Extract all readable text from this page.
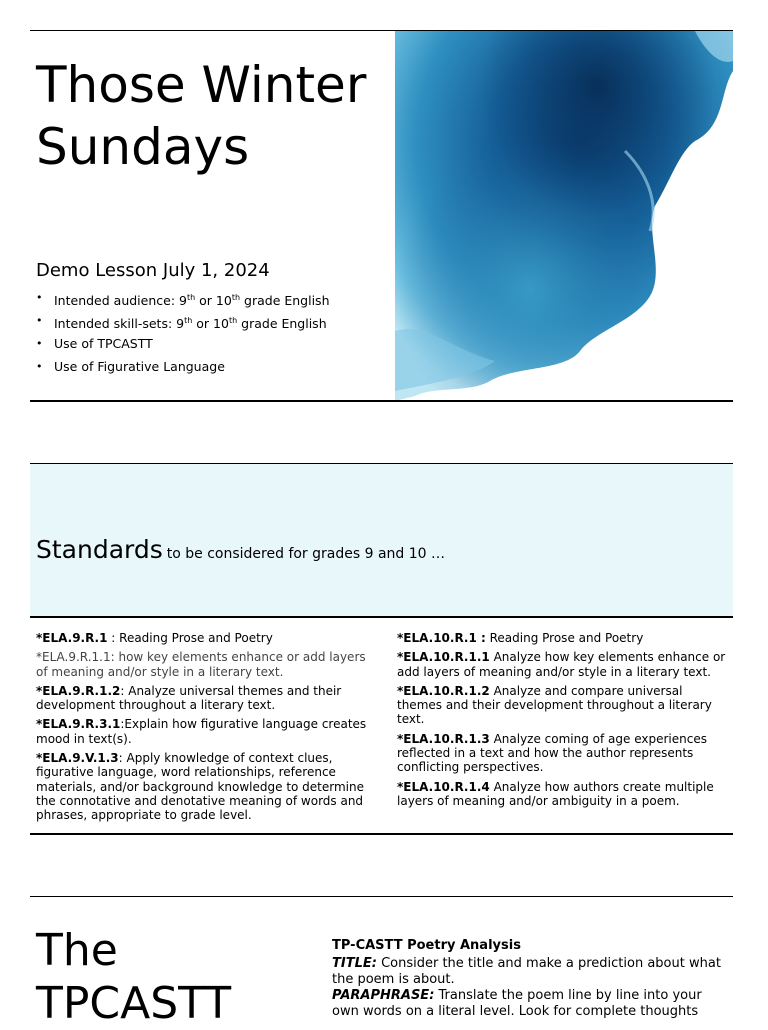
Those Winter Sundays
Demo Lesson July 1, 2024
• Intended audience: 9th or 10th grade English
• Intended skill-sets: 9th or 10th grade English
• Use of TPCASTT
• Use of Figurative Language
Standards to be considered for grades 9 and 10 …

*ELA.9.R.1 : Reading Prose and Poetry

*ELA.9.R.1.1: how key elements enhance or add layers of meaning and/or style in a literary text.

*ELA.9.R.1.2: Analyze universal themes and their development throughout a literary text.

*ELA.9.R.3.1:Explain how figurative language creates mood in text(s).

*ELA.9.V.1.3: Apply knowledge of context clues, figurative language, word relationships, reference materials, and/or background knowledge to determine the connotative and denotative meaning of words and phrases, appropriate to grade level.

*ELA.10.R.1 : Reading Prose and Poetry

*ELA.10.R.1.1 Analyze how key elements enhance or add layers of meaning and/or style in a literary text.

*ELA.10.R.1.2 Analyze and compare universal themes and their development throughout a literary text.

*ELA.10.R.1.3 Analyze coming of age experiences reflected in a text and how the author represents conflicting perspectives.

*ELA.10.R.1.4 Analyze how authors create multiple layers of meaning and/or ambiguity in a poem.

The
TPCASTT

TP-CASTT Poetry Analysis

TITLE: Consider the title and make a prediction about what the poem is about.

PARAPHRASE: Translate the poem line by line into your own words on a literal level. Look for complete thoughts
